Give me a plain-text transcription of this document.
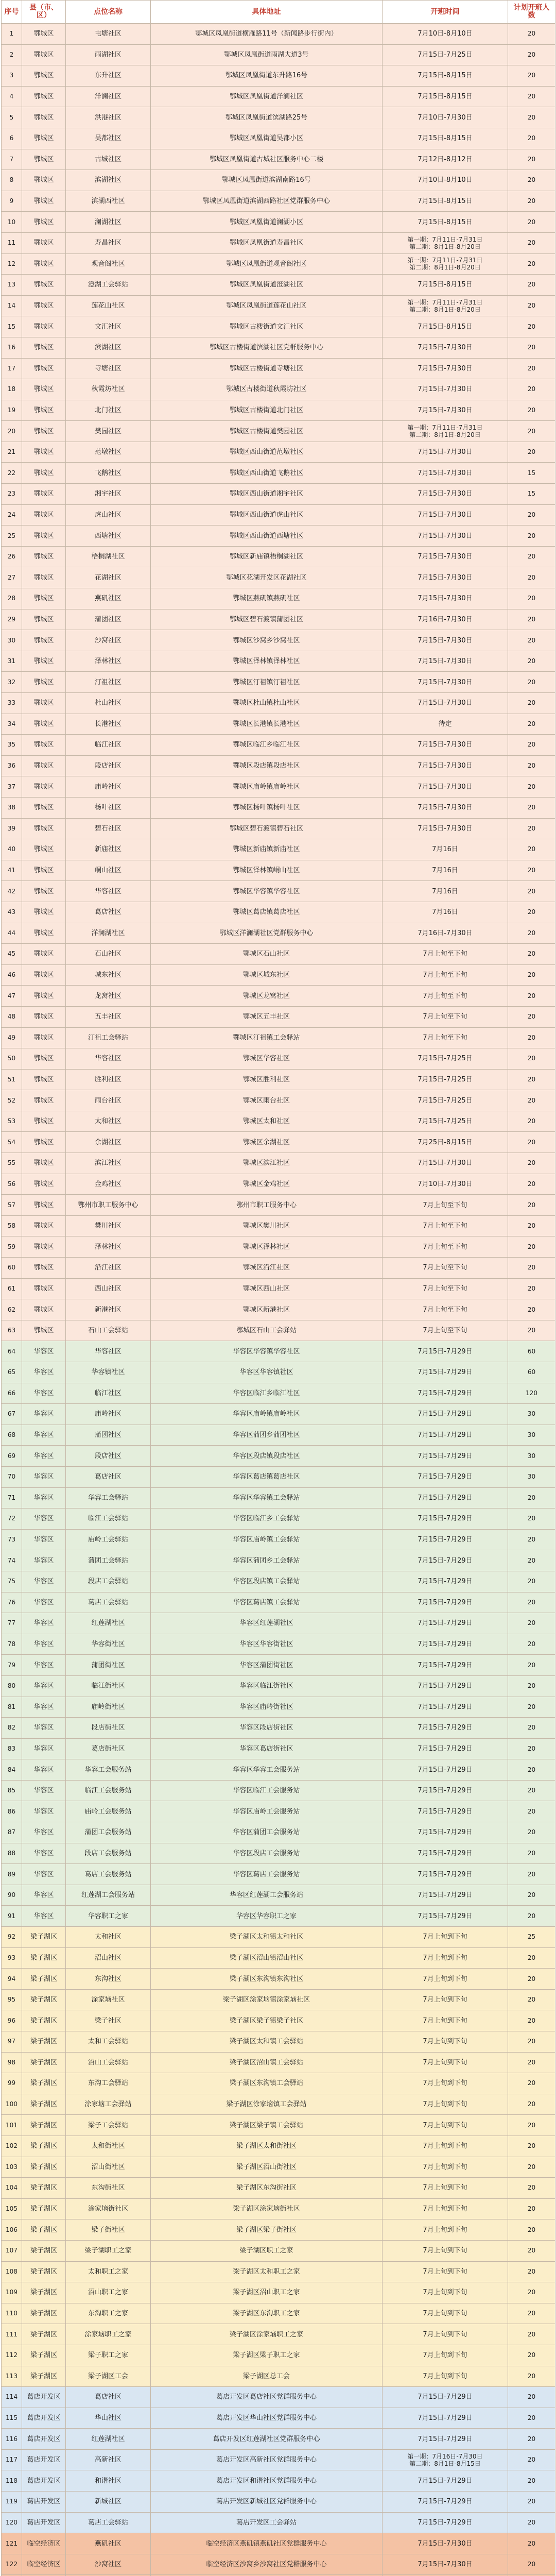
序号	县（市、区）	点位名称	具体地址	开班时间	计划开班人数
1	鄂城区	屯塘社区	鄂城区凤凰街道横雁路11号（新闻路步行街内）	7月10日-8月10日	20
2	鄂城区	雨湖社区	鄂城区凤凰街道雨湖大道3号	7月15日-7月25日	20
3	鄂城区	东升社区	鄂城区凤凰街道东升路16号	7月15日-8月15日	20
4	鄂城区	洋澜社区	鄂城区凤凰街道洋澜社区	7月15日-8月15日	20
5	鄂城区	洪港社区	鄂城区凤凰街道滨湖路25号	7月10日-7月30日	20
6	鄂城区	吴都社区	鄂城区凤凰街道吴都小区	7月15日-8月15日	20
7	鄂城区	古城社区	鄂城区凤凰街道古城社区服务中心二楼	7月12日-8月12日	20
8	鄂城区	滨湖社区	鄂城区凤凰街道滨湖南路16号	7月10日-8月10日	20
9	鄂城区	滨湖西社区	鄂城区凤凰街道滨湖西路社区党群服务中心	7月15日-8月15日	20
10	鄂城区	澜湖社区	鄂城区凤凰街道澜湖小区	7月15日-8月15日	20
11	鄂城区	寿昌社区	鄂城区凤凰街道寿昌社区	第一期：7月11日-7月31日
第二期：8月1日-8月20日	20
12	鄂城区	观音阁社区	鄂城区凤凰街道观音阁社区	第一期：7月11日-7月31日
第二期：8月1日-8月20日	20
13	鄂城区	澄湖工会驿站	鄂城区凤凰街道澄湖社区	7月15日-8月15日	20
14	鄂城区	莲花山社区	鄂城区凤凰街道莲花山社区	第一期：7月11日-7月31日
第二期：8月1日-8月20日	20
15	鄂城区	文汇社区	鄂城区古楼街道文汇社区	7月15日-8月15日	20
16	鄂城区	滨湖社区	鄂城区古楼街道滨湖社区党群服务中心	7月15日-7月30日	20
17	鄂城区	寺塘社区	鄂城区古楼街道寺塘社区	7月15日-7月30日	20
18	鄂城区	秋霞坊社区	鄂城区古楼街道秋霞坊社区	7月15日-7月30日	20
19	鄂城区	北门社区	鄂城区古楼街道北门社区	7月15日-7月30日	20
20	鄂城区	樊园社区	鄂城区古楼街道樊园社区	第一期：7月11日-7月31日
第二期：8月1日-8月20日	20
21	鄂城区	范墩社区	鄂城区西山街道范墩社区	7月15日-7月30日	20
22	鄂城区	飞鹅社区	鄂城区西山街道飞鹅社区	7月15日-7月30日	15
23	鄂城区	湘宇社区	鄂城区西山街道湘宇社区	7月15日-7月30日	15
24	鄂城区	虎山社区	鄂城区西山街道虎山社区	7月15日-7月30日	20
25	鄂城区	西塘社区	鄂城区西山街道西塘社区	7月15日-7月30日	20
26	鄂城区	梧桐湖社区	鄂城区新庙镇梧桐湖社区	7月15日-7月30日	20
27	鄂城区	花湖社区	鄂城区花湖开发区花湖社区	7月15日-7月30日	20
28	鄂城区	燕矶社区	鄂城区燕矶镇燕矶社区	7月15日-7月30日	20
29	鄂城区	蒲团社区	鄂城区碧石渡镇蒲团社区	7月16日-7月30日	20
30	鄂城区	沙窝社区	鄂城区沙窝乡沙窝社区	7月15日-7月30日	20
31	鄂城区	泽林社区	鄂城区泽林镇泽林社区	7月15日-7月30日	20
32	鄂城区	汀祖社区	鄂城区汀祖镇汀祖社区	7月15日-7月30日	20
33	鄂城区	杜山社区	鄂城区杜山镇杜山社区	7月15日-7月30日	20
34	鄂城区	长港社区	鄂城区长港镇长港社区	待定	20
35	鄂城区	临江社区	鄂城区临江乡临江社区	7月15日-7月30日	20
36	鄂城区	段店社区	鄂城区段店镇段店社区	7月15日-7月30日	20
37	鄂城区	庙岭社区	鄂城区庙岭镇庙岭社区	7月15日-7月30日	20
38	鄂城区	杨叶社区	鄂城区杨叶镇杨叶社区	7月15日-7月30日	20
39	鄂城区	碧石社区	鄂城区碧石渡镇碧石社区	7月15日-7月30日	20
40	鄂城区	新庙社区	鄂城区新庙镇新庙社区	7月16日	20
41	鄂城区	峒山社区	鄂城区泽林镇峒山社区	7月16日	20
42	鄂城区	华容社区	鄂城区华容镇华容社区	7月16日	20
43	鄂城区	葛店社区	鄂城区葛店镇葛店社区	7月16日	20
44	鄂城区	洋澜湖社区	鄂城区洋澜湖社区党群服务中心	7月16日-7月30日	20
45	鄂城区	石山社区	鄂城区石山社区	7月上旬至下旬	20
46	鄂城区	城东社区	鄂城区城东社区	7月上旬至下旬	20
47	鄂城区	龙窝社区	鄂城区龙窝社区	7月上旬至下旬	20
48	鄂城区	五丰社区	鄂城区五丰社区	7月上旬至下旬	20
49	鄂城区	汀祖工会驿站	鄂城区汀祖镇工会驿站	7月上旬至下旬	20
50	鄂城区	华容社区	鄂城区华容社区	7月15日-7月25日	20
51	鄂城区	胜利社区	鄂城区胜利社区	7月15日-7月25日	20
52	鄂城区	雨台社区	鄂城区雨台社区	7月15日-7月25日	20
53	鄂城区	太和社区	鄂城区太和社区	7月15日-7月25日	20
54	鄂城区	余湖社区	鄂城区余湖社区	7月25日-8月15日	20
55	鄂城区	滨江社区	鄂城区滨江社区	7月15日-7月30日	20
56	鄂城区	金鸡社区	鄂城区金鸡社区	7月10日-7月30日	20
57	鄂城区	鄂州市职工服务中心	鄂州市职工服务中心	7月上旬至下旬	20
58	鄂城区	樊川社区	鄂城区樊川社区	7月上旬至下旬	20
59	鄂城区	泽林社区	鄂城区泽林社区	7月上旬至下旬	20
60	鄂城区	沿江社区	鄂城区沿江社区	7月上旬至下旬	20
61	鄂城区	西山社区	鄂城区西山社区	7月上旬至下旬	20
62	鄂城区	新港社区	鄂城区新港社区	7月上旬至下旬	20
63	鄂城区	石山工会驿站	鄂城区石山工会驿站	7月上旬至下旬	20
64	华容区	华容社区	华容区华容镇华容社区	7月15日-7月29日	60
65	华容区	华容镇社区	华容区华容镇社区	7月15日-7月29日	60
66	华容区	临江社区	华容区临江乡临江社区	7月15日-7月29日	120
67	华容区	庙岭社区	华容区庙岭镇庙岭社区	7月15日-7月29日	30
68	华容区	蒲团社区	华容区蒲团乡蒲团社区	7月15日-7月29日	30
69	华容区	段店社区	华容区段店镇段店社区	7月15日-7月29日	30
70	华容区	葛店社区	华容区葛店镇葛店社区	7月15日-7月29日	30
71	华容区	华容工会驿站	华容区华容镇工会驿站	7月15日-7月29日	20
72	华容区	临江工会驿站	华容区临江乡工会驿站	7月15日-7月29日	20
73	华容区	庙岭工会驿站	华容区庙岭镇工会驿站	7月15日-7月29日	20
74	华容区	蒲团工会驿站	华容区蒲团乡工会驿站	7月15日-7月29日	20
75	华容区	段店工会驿站	华容区段店镇工会驿站	7月15日-7月29日	20
76	华容区	葛店工会驿站	华容区葛店镇工会驿站	7月15日-7月29日	20
77	华容区	红莲湖社区	华容区红莲湖社区	7月15日-7月29日	20
78	华容区	华容街社区	华容区华容街社区	7月15日-7月29日	20
79	华容区	蒲团街社区	华容区蒲团街社区	7月15日-7月29日	20
80	华容区	临江街社区	华容区临江街社区	7月15日-7月29日	20
81	华容区	庙岭街社区	华容区庙岭街社区	7月15日-7月29日	20
82	华容区	段店街社区	华容区段店街社区	7月15日-7月29日	20
83	华容区	葛店街社区	华容区葛店街社区	7月15日-7月29日	20
84	华容区	华容工会服务站	华容区华容工会服务站	7月15日-7月29日	20
85	华容区	临江工会服务站	华容区临江工会服务站	7月15日-7月29日	20
86	华容区	庙岭工会服务站	华容区庙岭工会服务站	7月15日-7月29日	20
87	华容区	蒲团工会服务站	华容区蒲团工会服务站	7月15日-7月29日	20
88	华容区	段店工会服务站	华容区段店工会服务站	7月15日-7月29日	20
89	华容区	葛店工会服务站	华容区葛店工会服务站	7月15日-7月29日	20
90	华容区	红莲湖工会服务站	华容区红莲湖工会服务站	7月15日-7月29日	20
91	华容区	华容职工之家	华容区华容职工之家	7月15日-7月29日	20
92	梁子湖区	太和社区	梁子湖区太和镇太和社区	7月上旬到下旬	25
93	梁子湖区	沼山社区	梁子湖区沼山镇沼山社区	7月上旬到下旬	20
94	梁子湖区	东沟社区	梁子湖区东沟镇东沟社区	7月上旬到下旬	20
95	梁子湖区	涂家垴社区	梁子湖区涂家垴镇涂家垴社区	7月上旬到下旬	20
96	梁子湖区	梁子社区	梁子湖区梁子镇梁子社区	7月上旬到下旬	20
97	梁子湖区	太和工会驿站	梁子湖区太和镇工会驿站	7月上旬到下旬	20
98	梁子湖区	沼山工会驿站	梁子湖区沼山镇工会驿站	7月上旬到下旬	20
99	梁子湖区	东沟工会驿站	梁子湖区东沟镇工会驿站	7月上旬到下旬	20
100	梁子湖区	涂家垴工会驿站	梁子湖区涂家垴镇工会驿站	7月上旬到下旬	20
101	梁子湖区	梁子工会驿站	梁子湖区梁子镇工会驿站	7月上旬到下旬	20
102	梁子湖区	太和街社区	梁子湖区太和街社区	7月上旬到下旬	20
103	梁子湖区	沼山街社区	梁子湖区沼山街社区	7月上旬到下旬	20
104	梁子湖区	东沟街社区	梁子湖区东沟街社区	7月上旬到下旬	20
105	梁子湖区	涂家垴街社区	梁子湖区涂家垴街社区	7月上旬到下旬	20
106	梁子湖区	梁子街社区	梁子湖区梁子街社区	7月上旬到下旬	20
107	梁子湖区	梁子湖职工之家	梁子湖区职工之家	7月上旬到下旬	20
108	梁子湖区	太和职工之家	梁子湖区太和职工之家	7月上旬到下旬	20
109	梁子湖区	沼山职工之家	梁子湖区沼山职工之家	7月上旬到下旬	20
110	梁子湖区	东沟职工之家	梁子湖区东沟职工之家	7月上旬到下旬	20
111	梁子湖区	涂家垴职工之家	梁子湖区涂家垴职工之家	7月上旬到下旬	20
112	梁子湖区	梁子职工之家	梁子湖区梁子职工之家	7月上旬到下旬	20
113	梁子湖区	梁子湖区工会	梁子湖区总工会	7月上旬到下旬	20
114	葛店开发区	葛店社区	葛店开发区葛店社区党群服务中心	7月15日-7月29日	20
115	葛店开发区	华山社区	葛店开发区华山社区党群服务中心	7月15日-7月29日	20
116	葛店开发区	红莲湖社区	葛店开发区红莲湖社区党群服务中心	7月15日-7月29日	20
117	葛店开发区	高新社区	葛店开发区高新社区党群服务中心	第一期：7月16日-7月30日
第二期：8月1日-8月15日	20
118	葛店开发区	和谐社区	葛店开发区和谐社区党群服务中心	7月15日-7月29日	20
119	葛店开发区	新城社区	葛店开发区新城社区党群服务中心	7月15日-7月29日	20
120	葛店开发区	葛店工会驿站	葛店开发区工会驿站	7月15日-7月29日	20
121	临空经济区	燕矶社区	临空经济区燕矶镇燕矶社区党群服务中心	7月15日-7月30日	20
122	临空经济区	沙窝社区	临空经济区沙窝乡沙窝社区党群服务中心	7月15日-7月30日	20
